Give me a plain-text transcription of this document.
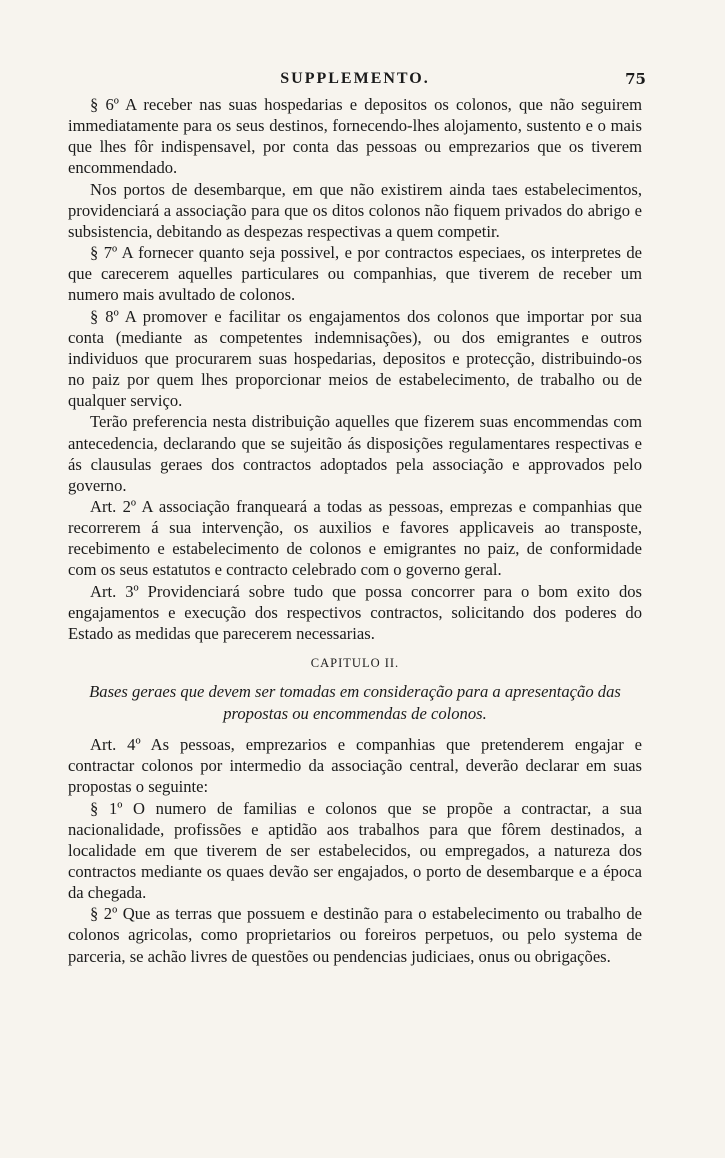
SUPPLEMENTO.	75

§ 6º A receber nas suas hospedarias e depositos os colonos, que não seguirem immediatamente para os seus destinos, fornecendo-lhes alojamento, sustento e o mais que lhes fôr indispensavel, por conta das pessoas ou emprezarios que os tiverem encommendado.

Nos portos de desembarque, em que não existirem ainda taes estabelecimentos, providenciará a associação para que os ditos colonos não fiquem privados do abrigo e subsistencia, debitando as despezas respectivas a quem competir.

§ 7º A fornecer quanto seja possivel, e por contractos especiaes, os interpretes de que carecerem aquelles particulares ou companhias, que tiverem de receber um numero mais avultado de colonos.

§ 8º A promover e facilitar os engajamentos dos colonos que importar por sua conta (mediante as competentes indemnisações), ou dos emigrantes e outros individuos que procurarem suas hospedarias, depositos e protecção, distribuindo-os no paiz por quem lhes proporcionar meios de estabelecimento, de trabalho ou de qualquer serviço.

Terão preferencia nesta distribuição aquelles que fizerem suas encommendas com antecedencia, declarando que se sujeitão ás disposições regulamentares respectivas e ás clausulas geraes dos contractos adoptados pela associação e approvados pelo governo.

Art. 2º A associação franqueará a todas as pessoas, emprezas e companhias que recorrerem á sua intervenção, os auxilios e favores applicaveis ao transposte, recebimento e estabelecimento de colonos e emigrantes no paiz, de conformidade com os seus estatutos e contracto celebrado com o governo geral.

Art. 3º Providenciará sobre tudo que possa concorrer para o bom exito dos engajamentos e execução dos respectivos contractos, solicitando dos poderes do Estado as medidas que parecerem necessarias.

CAPITULO II.
Bases geraes que devem ser tomadas em consideração para a apresentação das propostas ou encommendas de colonos.

Art. 4º As pessoas, emprezarios e companhias que pretenderem engajar e contractar colonos por intermedio da associação central, deverão declarar em suas propostas o seguinte:

§ 1º O numero de familias e colonos que se propõe a contractar, a sua nacionalidade, profissões e aptidão aos trabalhos para que fôrem destinados, a localidade em que tiverem de ser estabelecidos, ou empregados, a natureza dos contractos mediante os quaes devão ser engajados, o porto de desembarque e a época da chegada.

§ 2º Que as terras que possuem e destinão para o estabelecimento ou trabalho de colonos agricolas, como proprietarios ou foreiros perpetuos, ou pelo systema de parceria, se achão livres de questões ou pendencias judiciaes, onus ou obrigações.
